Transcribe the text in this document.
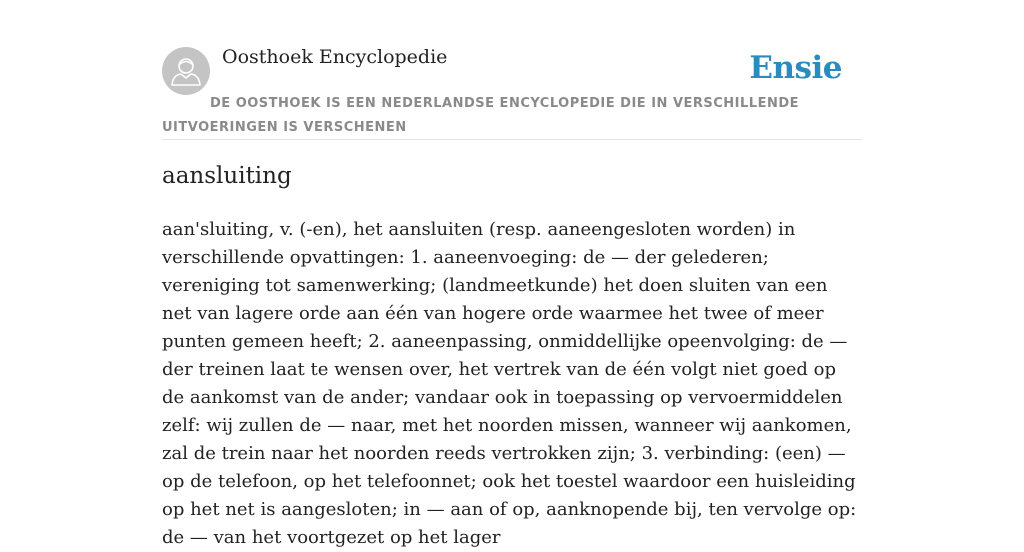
Oosthoek Encyclopedie	Ensie
DE OOSTHOEK IS EEN NEDERLANDSE ENCYCLOPEDIE DIE IN VERSCHILLENDE UITVOERINGEN IS VERSCHENEN
aansluiting

aan'sluiting, v. (-en), het aansluiten (resp. aaneengesloten worden) in verschillende opvattingen: 1. aaneenvoeging: de — der gelederen; vereniging tot samenwerking; (landmeetkunde) het doen sluiten van een net van lagere orde aan één van hogere orde waarmee het twee of meer punten gemeen heeft; 2. aaneenpassing, onmiddellijke opeenvolging: de — der treinen laat te wensen over, het vertrek van de één volgt niet goed op de aankomst van de ander; vandaar ook in toepassing op vervoermiddelen zelf: wij zullen de — naar, met het noorden missen, wanneer wij aankomen, zal de trein naar het noorden reeds vertrokken zijn; 3. verbinding: (een) — op de telefoon, op het telefoonnet; ook het toestel waardoor een huisleiding op het net is aangesloten; in — aan of op, aanknopende bij, ten vervolge op: de — van het voortgezet op het lager
